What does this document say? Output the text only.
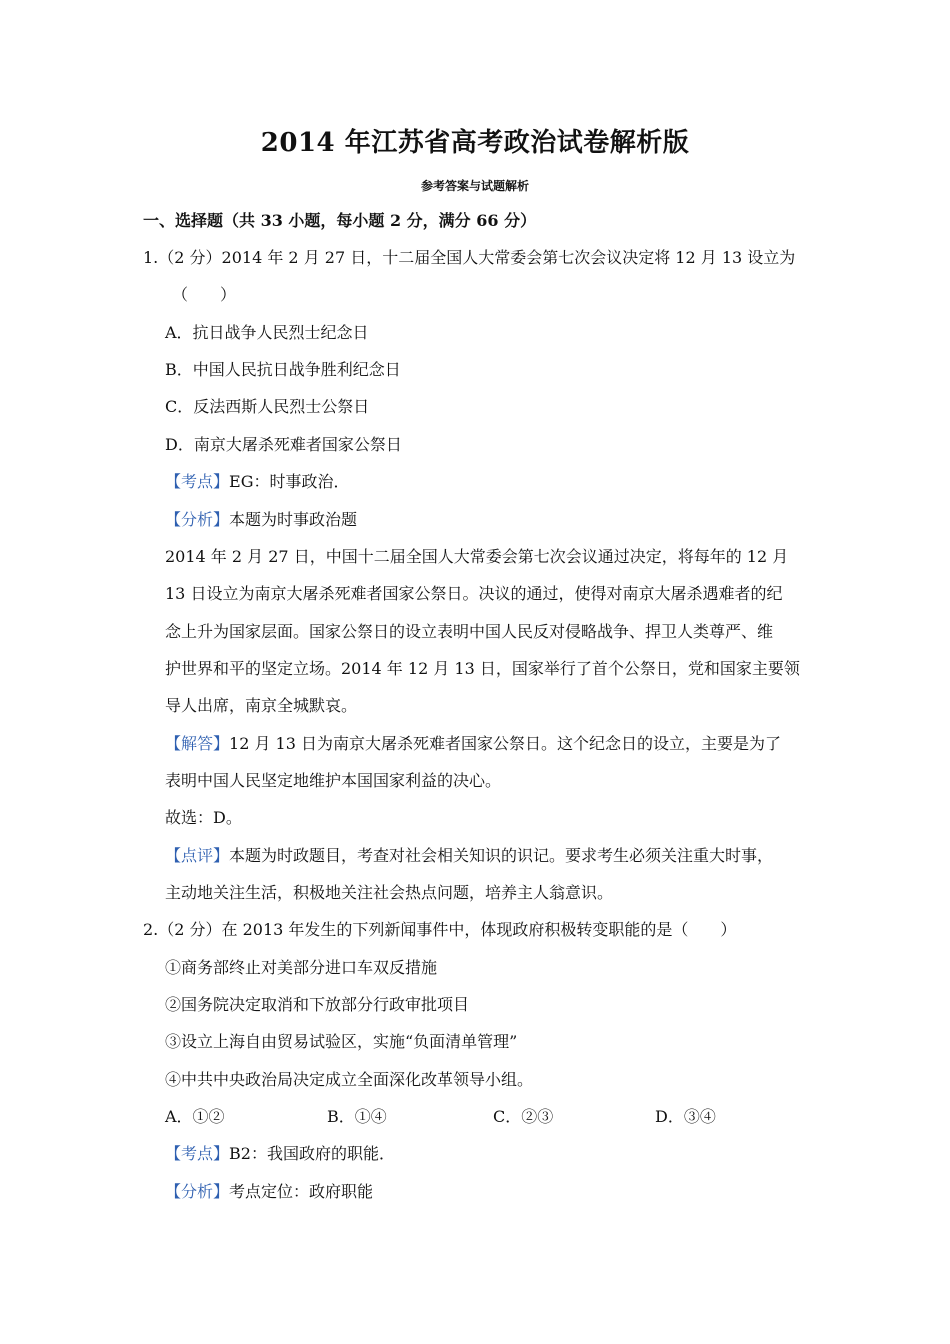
2014 年江苏省高考政治试卷解析版
参考答案与试题解析
一、选择题（共 33 小题，每小题 2 分，满分 66 分）
1.（2 分）2014 年 2 月 27 日，十二届全国人大常委会第七次会议决定将 12 月 13 设立为
（　　）
A．抗日战争人民烈士纪念日
B．中国人民抗日战争胜利纪念日
C．反法西斯人民烈士公祭日
D．南京大屠杀死难者国家公祭日
【考点】EG：时事政治．
【分析】本题为时事政治题
2014 年 2 月 27 日，中国十二届全国人大常委会第七次会议通过决定，将每年的 12 月
13 日设立为南京大屠杀死难者国家公祭日。决议的通过，使得对南京大屠杀遇难者的纪
念上升为国家层面。国家公祭日的设立表明中国人民反对侵略战争、捍卫人类尊严、维
护世界和平的坚定立场。2014 年 12 月 13 日，国家举行了首个公祭日，党和国家主要领
导人出席，南京全城默哀。
【解答】12 月 13 日为南京大屠杀死难者国家公祭日。这个纪念日的设立，主要是为了
表明中国人民坚定地维护本国国家利益的决心。
故选：D。
【点评】本题为时政题目，考查对社会相关知识的识记。要求考生必须关注重大时事，
主动地关注生活，积极地关注社会热点问题，培养主人翁意识。
2.（2 分）在 2013 年发生的下列新闻事件中，体现政府积极转变职能的是（　　）
①商务部终止对美部分进口车双反措施
②国务院决定取消和下放部分行政审批项目
③设立上海自由贸易试验区，实施“负面清单管理”
④中共中央政治局决定成立全面深化改革领导小组。
A．①②	B．①④	C．②③	D．③④
【考点】B2：我国政府的职能．
【分析】考点定位：政府职能
